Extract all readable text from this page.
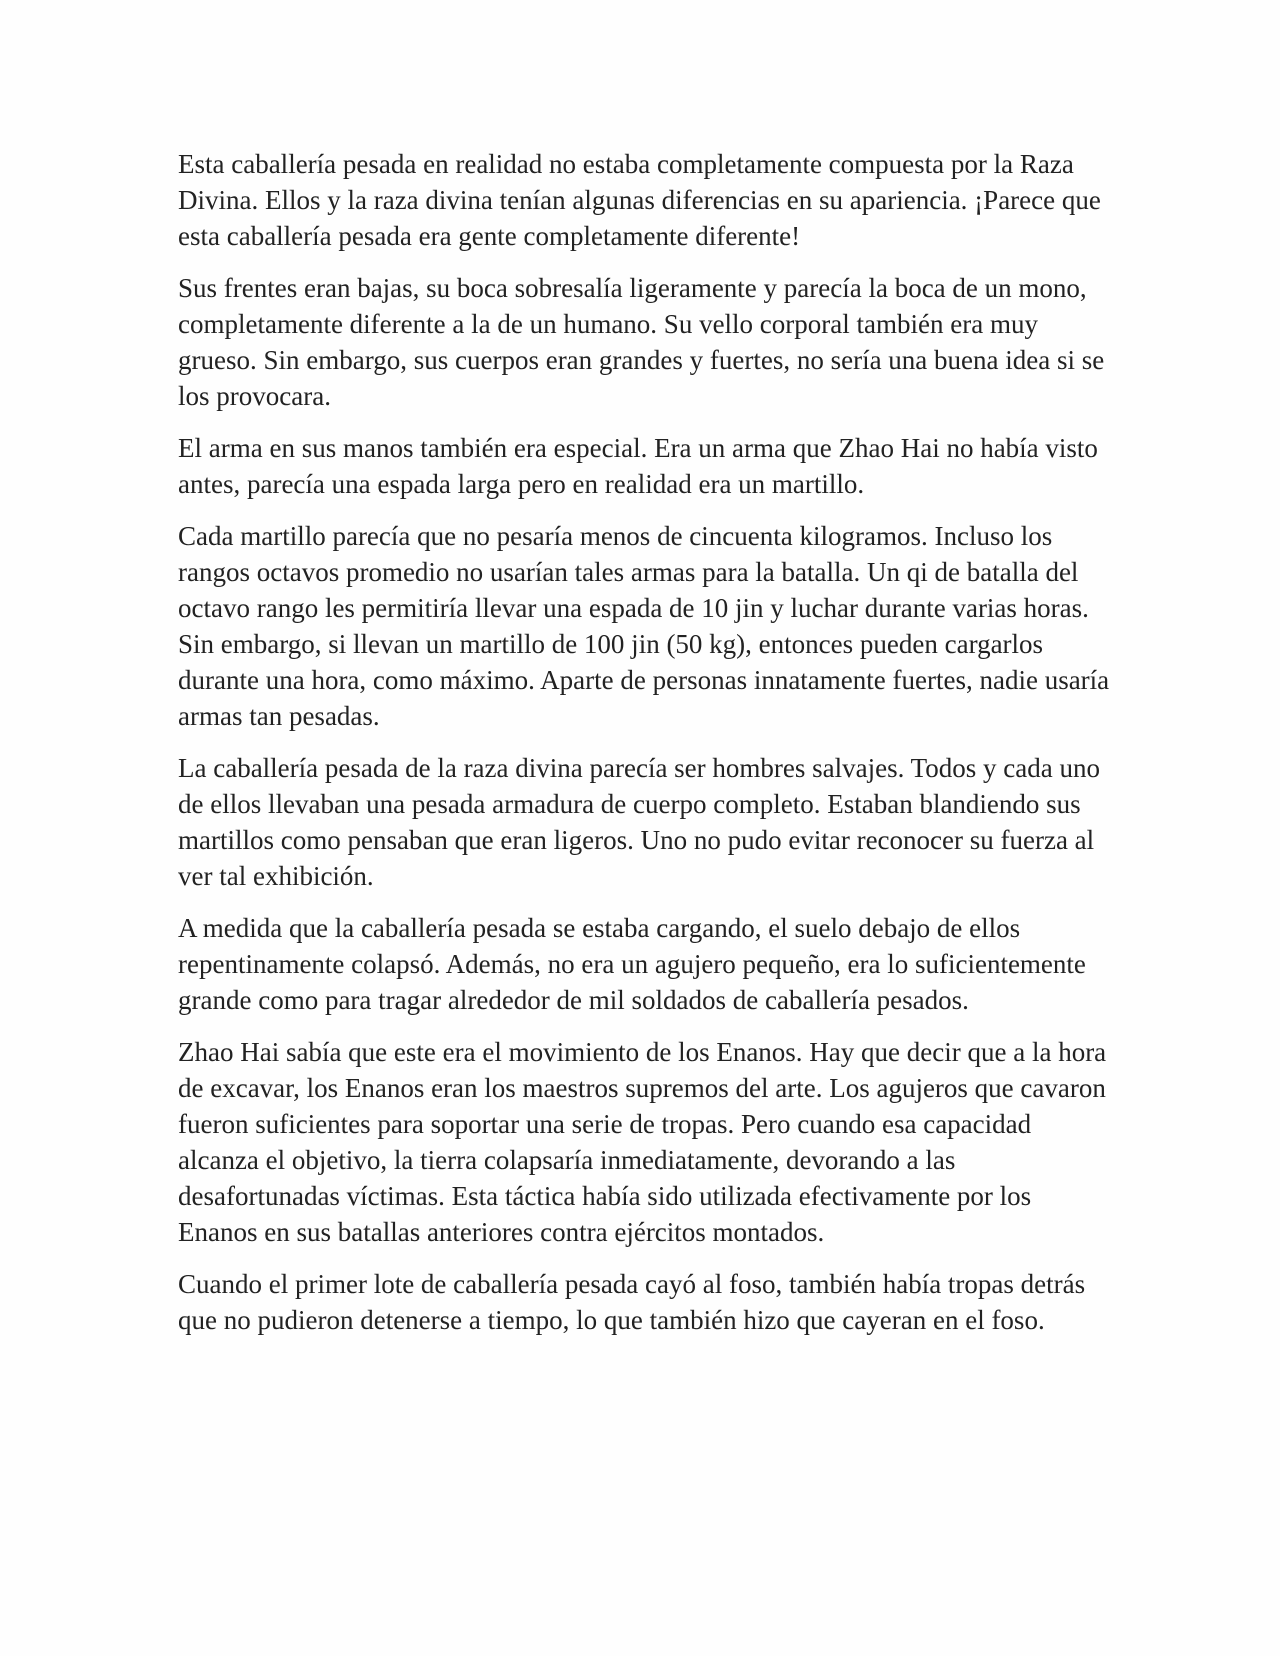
Esta caballería pesada en realidad no estaba completamente compuesta por la Raza Divina. Ellos y la raza divina tenían algunas diferencias en su apariencia. ¡Parece que esta caballería pesada era gente completamente diferente!

Sus frentes eran bajas, su boca sobresalía ligeramente y parecía la boca de un mono, completamente diferente a la de un humano. Su vello corporal también era muy grueso. Sin embargo, sus cuerpos eran grandes y fuertes, no sería una buena idea si se los provocara.

El arma en sus manos también era especial. Era un arma que Zhao Hai no había visto antes, parecía una espada larga pero en realidad era un martillo.

Cada martillo parecía que no pesaría menos de cincuenta kilogramos. Incluso los rangos octavos promedio no usarían tales armas para la batalla. Un qi de batalla del octavo rango les permitiría llevar una espada de 10 jin y luchar durante varias horas. Sin embargo, si llevan un martillo de 100 jin (50 kg), entonces pueden cargarlos durante una hora, como máximo. Aparte de personas innatamente fuertes, nadie usaría armas tan pesadas.

La caballería pesada de la raza divina parecía ser hombres salvajes. Todos y cada uno de ellos llevaban una pesada armadura de cuerpo completo. Estaban blandiendo sus martillos como pensaban que eran ligeros. Uno no pudo evitar reconocer su fuerza al ver tal exhibición.

A medida que la caballería pesada se estaba cargando, el suelo debajo de ellos repentinamente colapsó. Además, no era un agujero pequeño, era lo suficientemente grande como para tragar alrededor de mil soldados de caballería pesados.

Zhao Hai sabía que este era el movimiento de los Enanos. Hay que decir que a la hora de excavar, los Enanos eran los maestros supremos del arte. Los agujeros que cavaron fueron suficientes para soportar una serie de tropas. Pero cuando esa capacidad alcanza el objetivo, la tierra colapsaría inmediatamente, devorando a las desafortunadas víctimas. Esta táctica había sido utilizada efectivamente por los Enanos en sus batallas anteriores contra ejércitos montados.

Cuando el primer lote de caballería pesada cayó al foso, también había tropas detrás que no pudieron detenerse a tiempo, lo que también hizo que cayeran en el foso.
